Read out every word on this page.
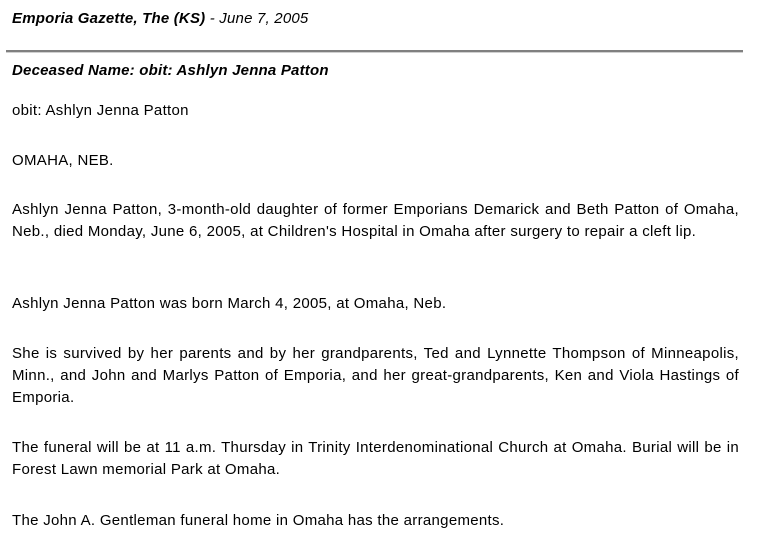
Emporia Gazette, The (KS) - June 7, 2005
Deceased Name: obit: Ashlyn Jenna Patton

obit: Ashlyn Jenna Patton

OMAHA, NEB.

Ashlyn Jenna Patton, 3-month-old daughter of former Emporians Demarick and Beth Patton of Omaha, Neb., died Monday, June 6, 2005, at Children's Hospital in Omaha after surgery to repair a cleft lip.

Ashlyn Jenna Patton was born March 4, 2005, at Omaha, Neb.

She is survived by her parents and by her grandparents, Ted and Lynnette Thompson of Minneapolis, Minn., and John and Marlys Patton of Emporia, and her great-grandparents, Ken and Viola Hastings of Emporia.

The funeral will be at 11 a.m. Thursday in Trinity Interdenominational Church at Omaha. Burial will be in Forest Lawn memorial Park at Omaha.

The John A. Gentleman funeral home in Omaha has the arrangements.
